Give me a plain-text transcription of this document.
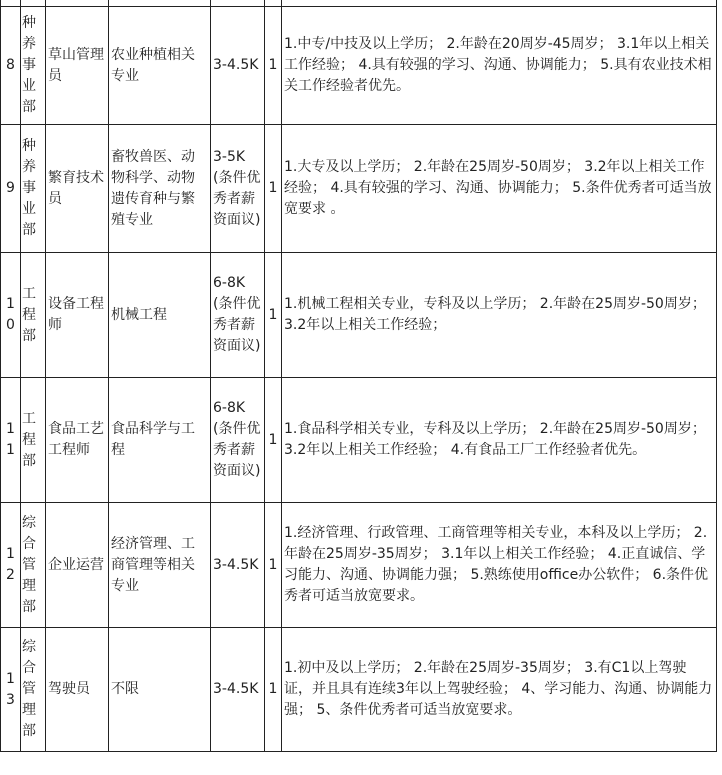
8	种养事业部	草山管理员	农业种植相关专业	3-4.5K	1	1.中专/中技及以上学历； 2.年龄在20周岁-45周岁； 3.1年以上相关工作经验； 4.具有较强的学习、沟通、协调能力； 5.具有农业技术相关工作经验者优先。
9	种养事业部	繁育技术员	畜牧兽医、动物科学、动物遗传育种与繁殖专业	3-5K(条件优秀者薪资面议)	1	1.大专及以上学历； 2.年龄在25周岁-50周岁； 3.2年以上相关工作经验； 4.具有较强的学习、沟通、协调能力； 5.条件优秀者可适当放宽要求 。
10	工程部	设备工程师	机械工程	6-8K(条件优秀者薪资面议)	1	1.机械工程相关专业，专科及以上学历； 2.年龄在25周岁-50周岁； 3.2年以上相关工作经验；
11	工程部	食品工艺工程师	食品科学与工程	6-8K(条件优秀者薪资面议)	1	1.食品科学相关专业，专科及以上学历； 2.年龄在25周岁-50周岁； 3.2年以上相关工作经验； 4.有食品工厂工作经验者优先。
12	综合管理部	企业运营	经济管理、工商管理等相关专业	3-4.5K	1	1.经济管理、行政管理、工商管理等相关专业，本科及以上学历； 2.年龄在25周岁-35周岁； 3.1年以上相关工作经验； 4.正直诚信、学习能力、沟通、协调能力强； 5.熟练使用office办公软件； 6.条件优秀者可适当放宽要求。
13	综合管理部	驾驶员	不限	3-4.5K	1	1.初中及以上学历； 2.年龄在25周岁-35周岁； 3.有C1以上驾驶证，并且具有连续3年以上驾驶经验； 4、学习能力、沟通、协调能力强； 5、条件优秀者可适当放宽要求。
